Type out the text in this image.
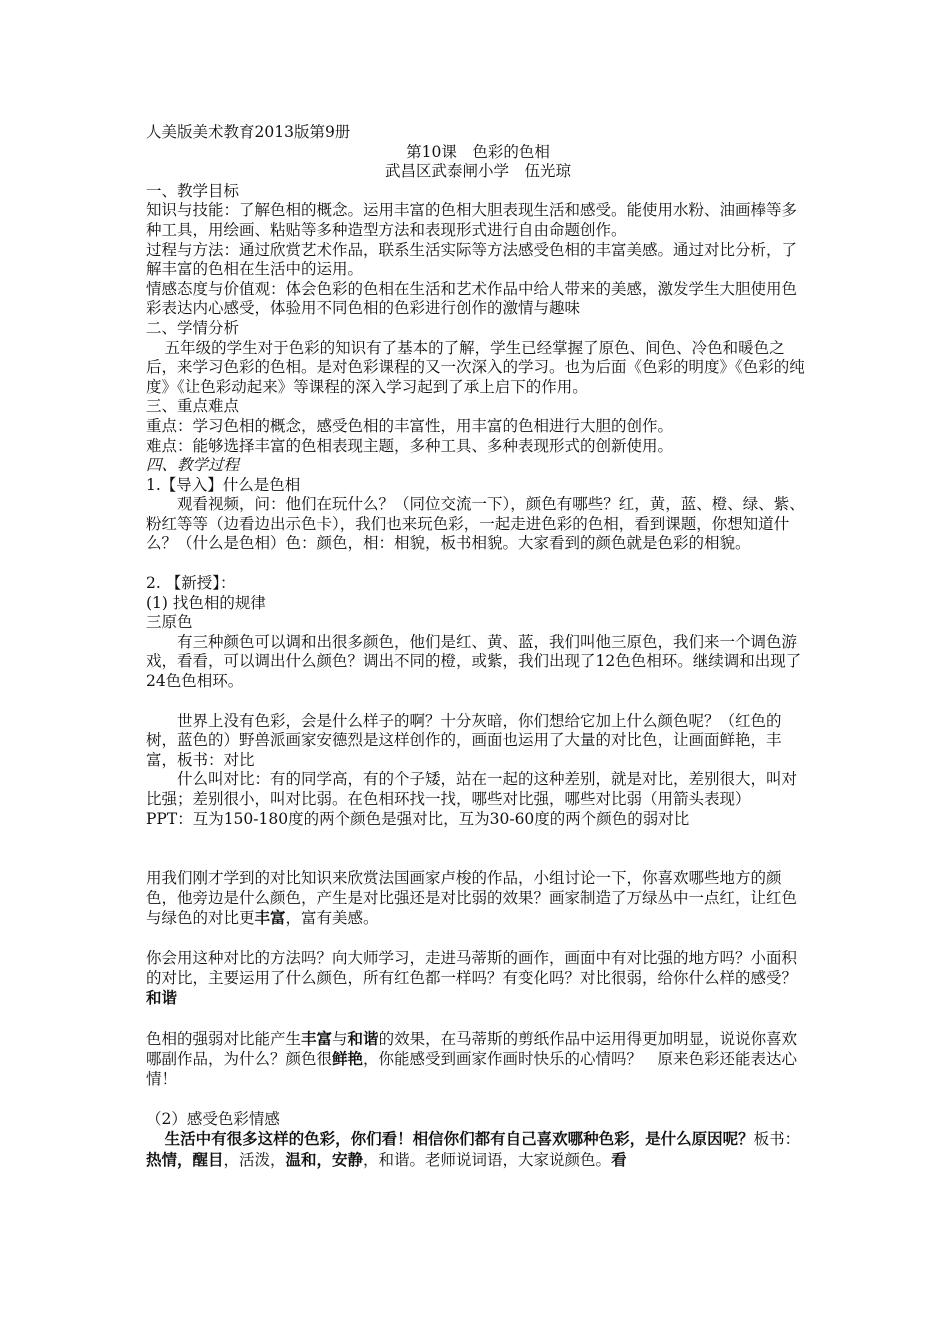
人美版美术教育2013版第9册
第10课　色彩的色相
武昌区武泰闸小学　伍光琼
一、教学目标
知识与技能：了解色相的概念。运用丰富的色相大胆表现生活和感受。能使用水粉、油画棒等多种工具，用绘画、粘贴等多种造型方法和表现形式进行自由命题创作。
过程与方法：通过欣赏艺术作品，联系生活实际等方法感受色相的丰富美感。通过对比分析，了解丰富的色相在生活中的运用。
情感态度与价值观：体会色彩的色相在生活和艺术作品中给人带来的美感，激发学生大胆使用色彩表达内心感受，体验用不同色相的色彩进行创作的激情与趣味
二、学情分析
五年级的学生对于色彩的知识有了基本的了解，学生已经掌握了原色、间色、冷色和暖色之后，来学习色彩的色相。是对色彩课程的又一次深入的学习。也为后面《色彩的明度》《色彩的纯度》《让色彩动起来》等课程的深入学习起到了承上启下的作用。
三、重点难点
重点：学习色相的概念，感受色相的丰富性，用丰富的色相进行大胆的创作。
难点：能够选择丰富的色相表现主题，多种工具、多种表现形式的创新使用。
四、教学过程
1.【导入】什么是色相
观看视频，问：他们在玩什么？（同位交流一下），颜色有哪些？红，黄，蓝、橙、绿、紫、粉红等等（边看边出示色卡），我们也来玩色彩，一起走进色彩的色相，看到课题，你想知道什么？（什么是色相）色：颜色，相：相貌，板书相貌。大家看到的颜色就是色彩的相貌。
2. 【新授】：
(1) 找色相的规律
三原色
有三种颜色可以调和出很多颜色，他们是红、黄、蓝，我们叫他三原色，我们来一个调色游戏，看看，可以调出什么颜色？调出不同的橙，或紫，我们出现了12色色相环。继续调和出现了24色色相环。
世界上没有色彩，会是什么样子的啊？十分灰暗，你们想给它加上什么颜色呢？（红色的树，蓝色的）野兽派画家安德烈是这样创作的，画面也运用了大量的对比色，让画面鲜艳，丰富，板书：对比
什么叫对比：有的同学高，有的个子矮，站在一起的这种差别，就是对比，差别很大，叫对比强；差别很小，叫对比弱。在色相环找一找，哪些对比强，哪些对比弱（用箭头表现）
PPT：互为150-180度的两个颜色是强对比，互为30-60度的两个颜色的弱对比
用我们刚才学到的对比知识来欣赏法国画家卢梭的作品，小组讨论一下，你喜欢哪些地方的颜色，他旁边是什么颜色，产生是对比强还是对比弱的效果？画家制造了万绿丛中一点红，让红色与绿色的对比更丰富，富有美感。
你会用这种对比的方法吗？向大师学习，走进马蒂斯的画作，画面中有对比强的地方吗？小面积的对比，主要运用了什么颜色，所有红色都一样吗？有变化吗？对比很弱，给你什么样的感受？和谐
色相的强弱对比能产生丰富与和谐的效果，在马蒂斯的剪纸作品中运用得更加明显，说说你喜欢哪副作品，为什么？颜色很鲜艳，你能感受到画家作画时快乐的心情吗？　原来色彩还能表达心情！
（2）感受色彩情感
生活中有很多这样的色彩，你们看！相信你们都有自己喜欢哪种色彩，是什么原因呢？板书：热情，醒目，活泼，温和，安静，和谐。老师说词语，大家说颜色。看
